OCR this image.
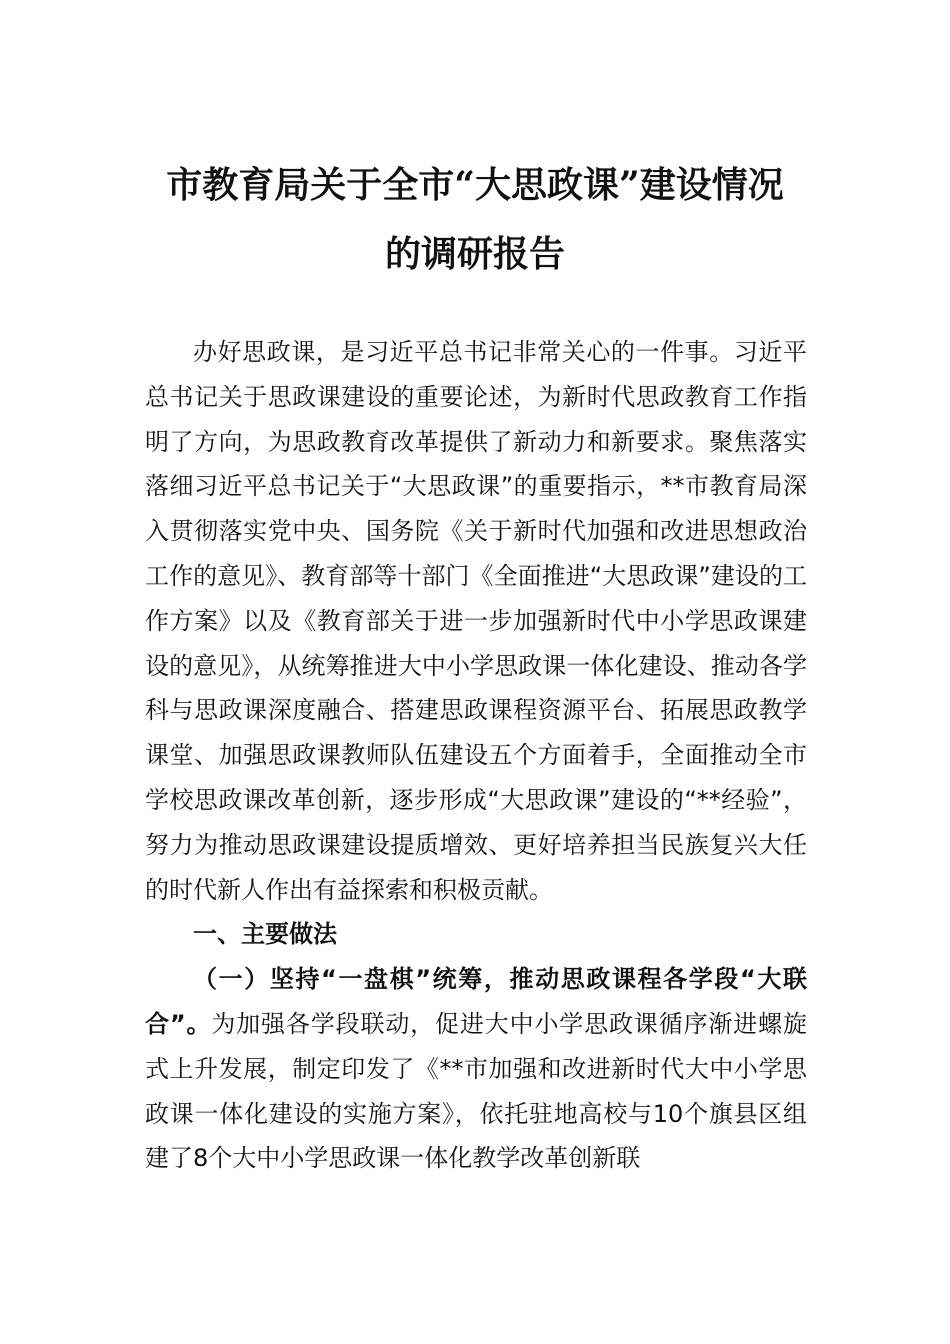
市教育局关于全市“大思政课”建设情况
的调研报告

办好思政课，是习近平总书记非常关心的一件事。习近平总书记关于思政课建设的重要论述，为新时代思政教育工作指明了方向，为思政教育改革提供了新动力和新要求。聚焦落实落细习近平总书记关于“大思政课”的重要指示，**市教育局深入贯彻落实党中央、国务院《关于新时代加强和改进思想政治工作的意见》、教育部等十部门《全面推进“大思政课”建设的工作方案》以及《教育部关于进一步加强新时代中小学思政课建设的意见》，从统筹推进大中小学思政课一体化建设、推动各学科与思政课深度融合、搭建思政课程资源平台、拓展思政教学课堂、加强思政课教师队伍建设五个方面着手，全面推动全市学校思政课改革创新，逐步形成“大思政课”建设的“**经验”，努力为推动思政课建设提质增效、更好培养担当民族复兴大任的时代新人作出有益探索和积极贡献。

一、主要做法

（一）坚持“一盘棋”统筹，推动思政课程各学段“大联合”。为加强各学段联动，促进大中小学思政课循序渐进螺旋式上升发展，制定印发了《**市加强和改进新时代大中小学思政课一体化建设的实施方案》，依托驻地高校与10个旗县区组建了8个大中小学思政课一体化教学改革创新联
